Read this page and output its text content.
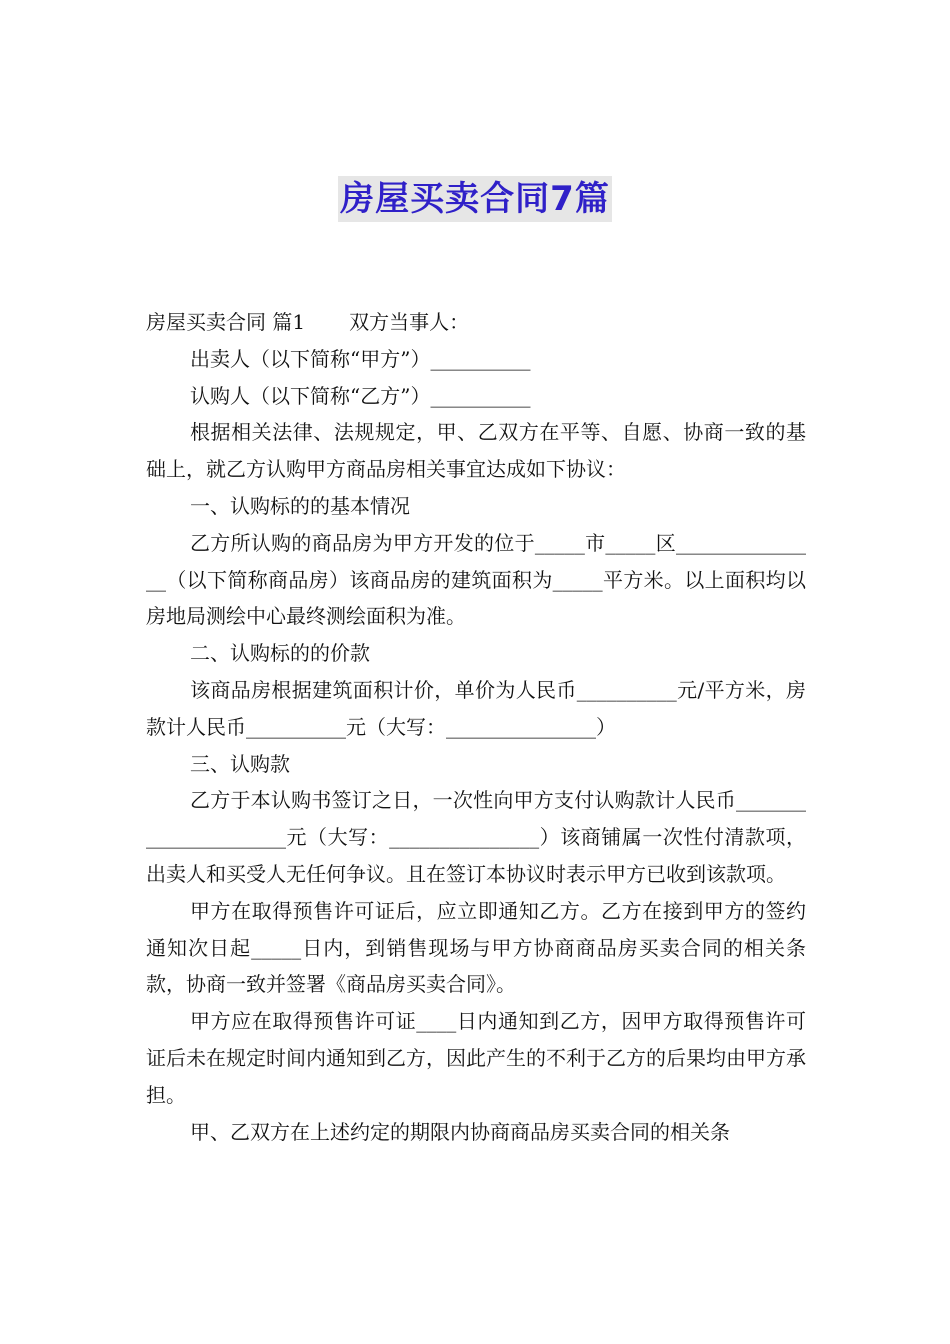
房屋买卖合同7篇

房屋买卖合同 篇1 双方当事人：

出卖人（以下简称“甲方”）__________

认购人（以下简称“乙方”）__________

根据相关法律、法规规定，甲、乙双方在平等、自愿、协商一致的基础上，就乙方认购甲方商品房相关事宜达成如下协议：

一、认购标的的基本情况

乙方所认购的商品房为甲方开发的位于_____市_____区_______________（以下简称商品房）该商品房的建筑面积为_____平方米。以上面积均以房地局测绘中心最终测绘面积为准。

二、认购标的的价款

该商品房根据建筑面积计价，单价为人民币__________元/平方米，房款计人民币__________元（大写：_______________）

三、认购款

乙方于本认购书签订之日，一次性向甲方支付认购款计人民币_____________________元（大写：_______________）该商铺属一次性付清款项，出卖人和买受人无任何争议。且在签订本协议时表示甲方已收到该款项。

甲方在取得预售许可证后，应立即通知乙方。乙方在接到甲方的签约通知次日起_____日内，到销售现场与甲方协商商品房买卖合同的相关条款，协商一致并签署《商品房买卖合同》。

甲方应在取得预售许可证____日内通知到乙方，因甲方取得预售许可证后未在规定时间内通知到乙方，因此产生的不利于乙方的后果均由甲方承担。

甲、乙双方在上述约定的期限内协商商品房买卖合同的相关条
